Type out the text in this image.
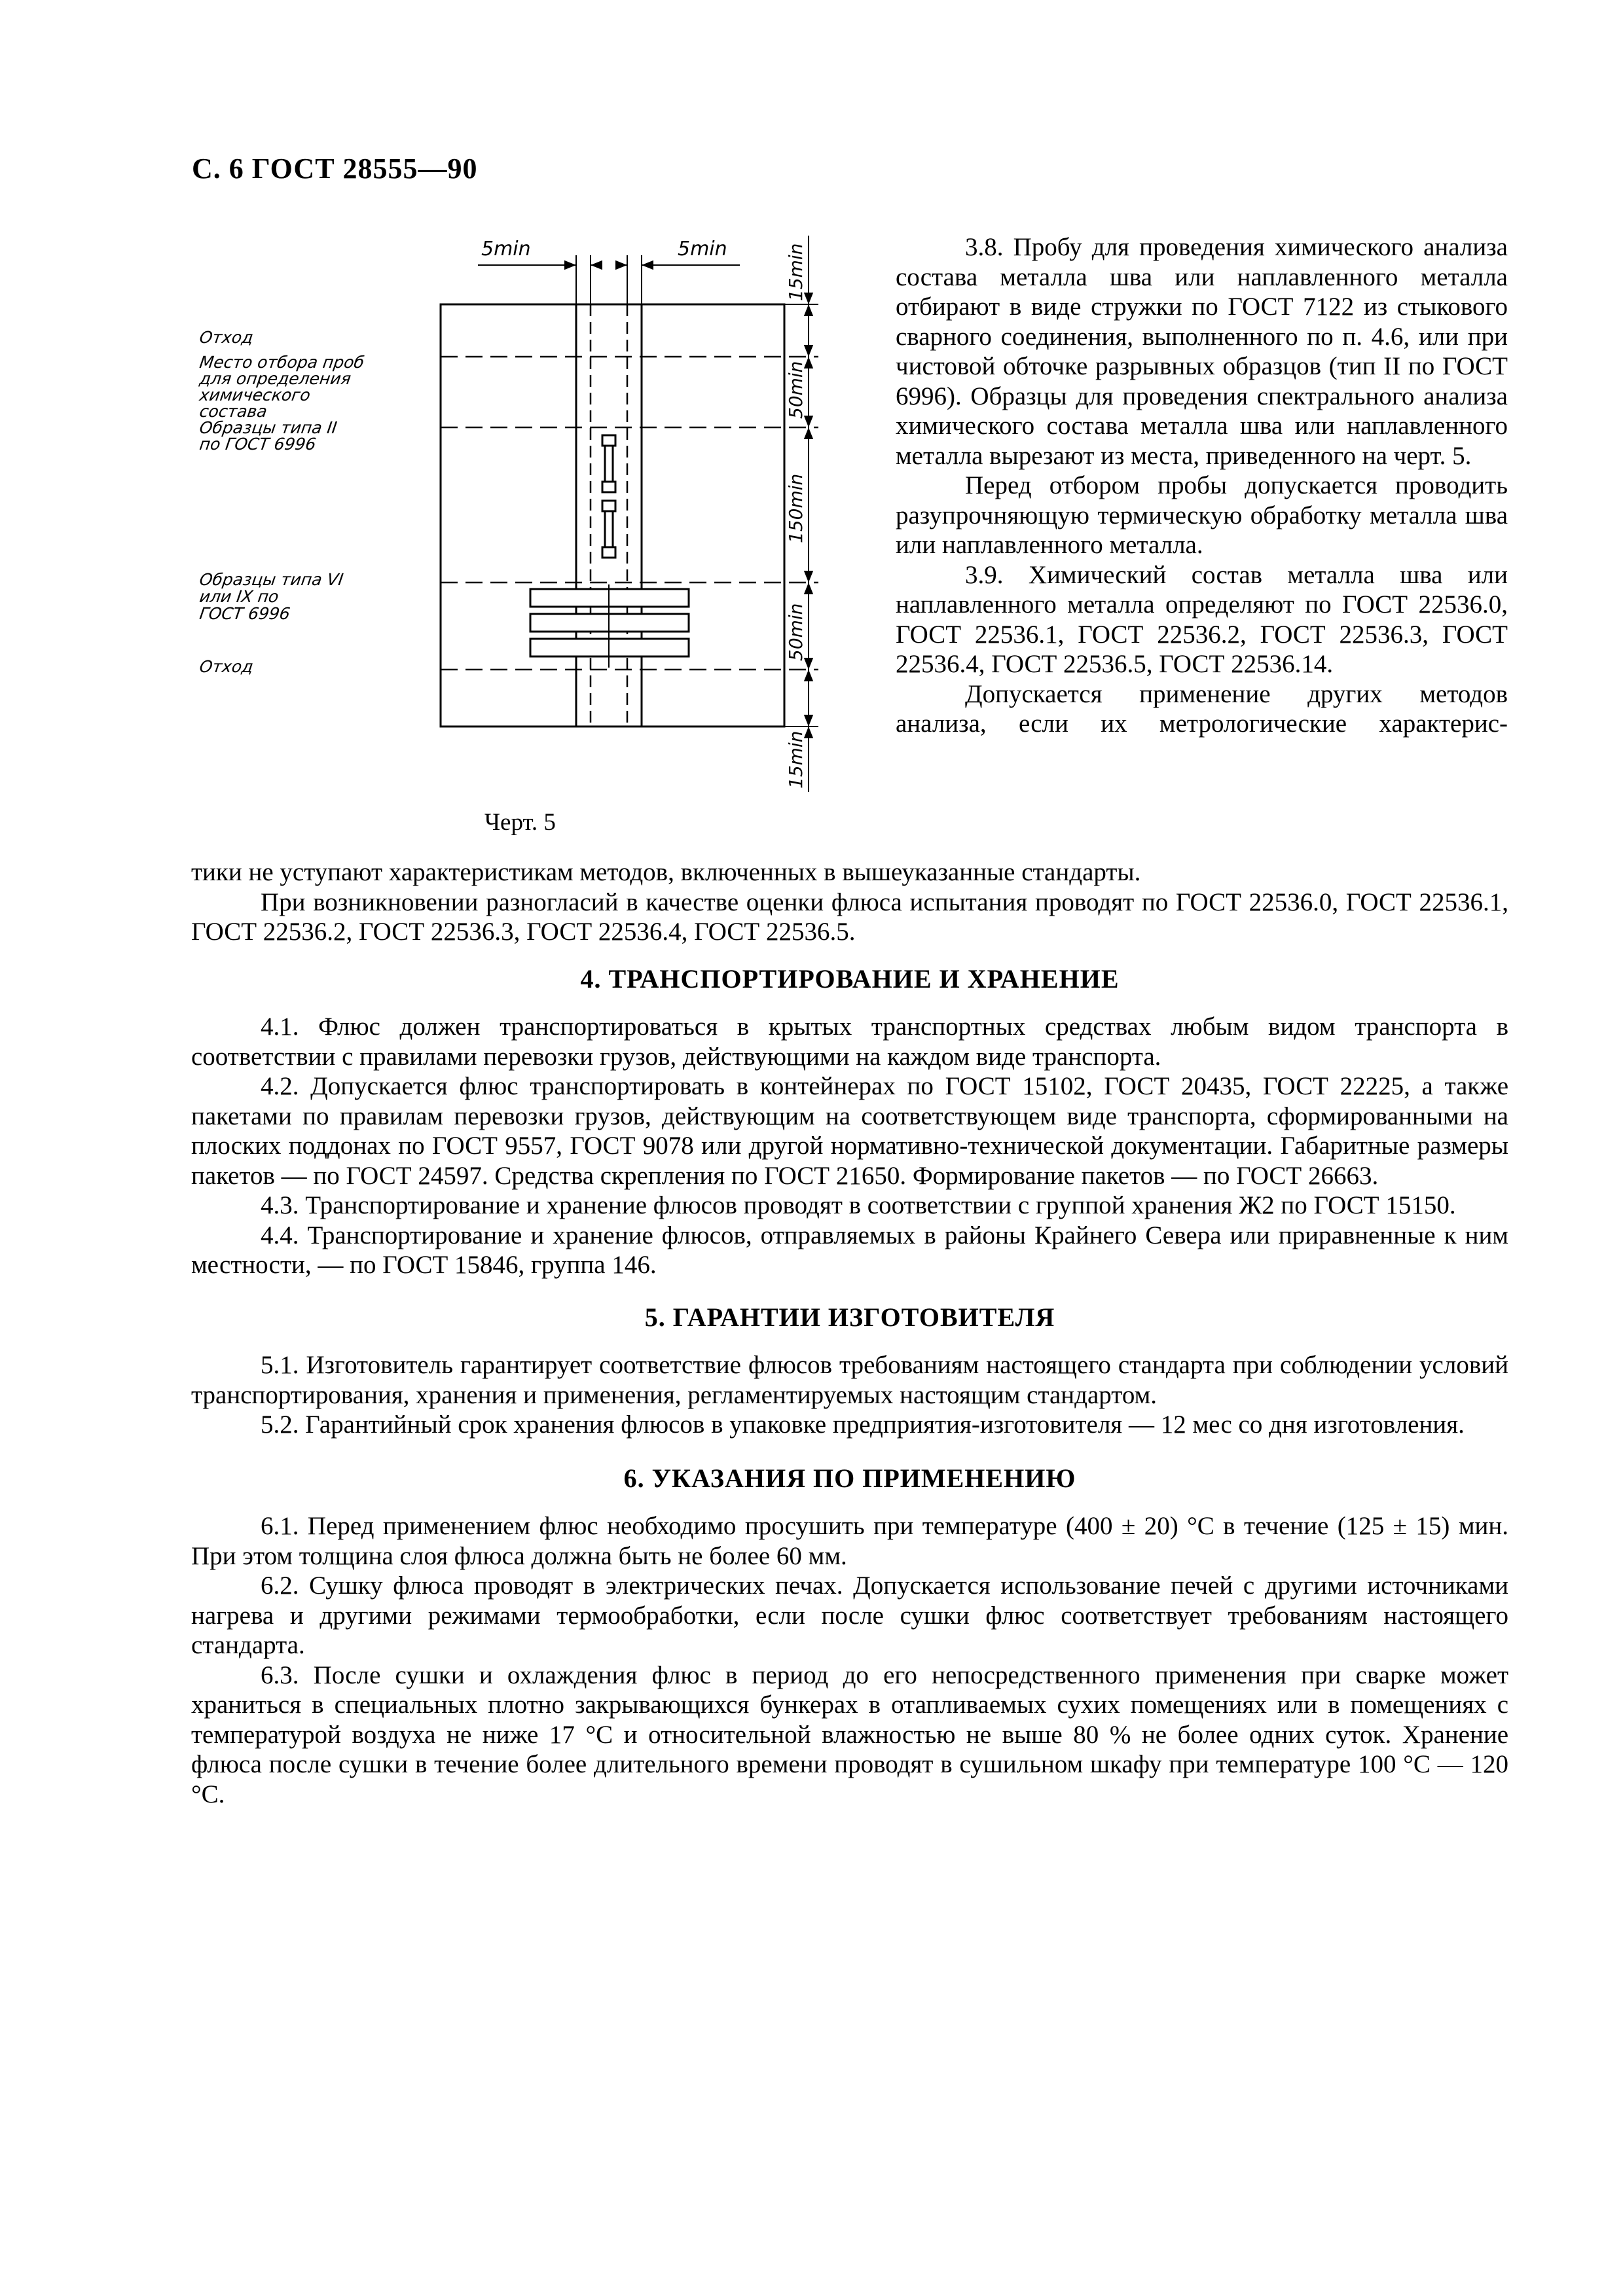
С. 6 ГОСТ 28555—90
5min	5min	15min
50min
150min
50min
15min
Отход
Место отбора проб
для определения
химического
состава
Образцы типа II
по ГОСТ 6996
Образцы типа VI
или IX по
ГОСТ 6996
Отход
Черт. 5

3.8. Пробу для проведения химического анализа состава металла шва или наплавленного металла отбирают в виде стружки по ГОСТ 7122 из стыкового сварного соединения, выполненного по п. 4.6, или при чистовой обточке разрывных образцов (тип II по ГОСТ 6996). Образцы для проведения спектрального анализа химического состава металла шва или наплавленного металла вырезают из места, приведенного на черт. 5.

Перед отбором пробы допускается проводить разупрочняющую термическую обработку металла шва или наплавленного металла.

3.9. Химический состав металла шва или наплавленного металла определяют по ГОСТ 22536.0, ГОСТ 22536.1, ГОСТ 22536.2, ГОСТ 22536.3, ГОСТ 22536.4, ГОСТ 22536.5, ГОСТ 22536.14.

Допускается применение других методов анализа, если их метрологические характерис-

тики не уступают характеристикам методов, включенных в вышеуказанные стандарты.

При возникновении разногласий в качестве оценки флюса испытания проводят по ГОСТ 22536.0, ГОСТ 22536.1, ГОСТ 22536.2, ГОСТ 22536.3, ГОСТ 22536.4, ГОСТ 22536.5.

4. ТРАНСПОРТИРОВАНИЕ И ХРАНЕНИЕ

4.1. Флюс должен транспортироваться в крытых транспортных средствах любым видом транспорта в соответствии с правилами перевозки грузов, действующими на каждом виде транспорта.

4.2. Допускается флюс транспортировать в контейнерах по ГОСТ 15102, ГОСТ 20435, ГОСТ 22225, а также пакетами по правилам перевозки грузов, действующим на соответствующем виде транспорта, сформированными на плоских поддонах по ГОСТ 9557, ГОСТ 9078 или другой нормативно-технической документации. Габаритные размеры пакетов — по ГОСТ 24597. Средства скрепления по ГОСТ 21650. Формирование пакетов — по ГОСТ 26663.

4.3. Транспортирование и хранение флюсов проводят в соответствии с группой хранения Ж2 по ГОСТ 15150.

4.4. Транспортирование и хранение флюсов, отправляемых в районы Крайнего Севера или приравненные к ним местности, — по ГОСТ 15846, группа 146.

5. ГАРАНТИИ ИЗГОТОВИТЕЛЯ

5.1. Изготовитель гарантирует соответствие флюсов требованиям настоящего стандарта при соблюдении условий транспортирования, хранения и применения, регламентируемых настоящим стандартом.

5.2. Гарантийный срок хранения флюсов в упаковке предприятия-изготовителя — 12 мес со дня изготовления.

6. УКАЗАНИЯ ПО ПРИМЕНЕНИЮ

6.1. Перед применением флюс необходимо просушить при температуре (400 ± 20) °С в течение (125 ± 15) мин. При этом толщина слоя флюса должна быть не более 60 мм.

6.2. Сушку флюса проводят в электрических печах. Допускается использование печей с другими источниками нагрева и другими режимами термообработки, если после сушки флюс соответствует требованиям настоящего стандарта.

6.3. После сушки и охлаждения флюс в период до его непосредственного применения при сварке может храниться в специальных плотно закрывающихся бункерах в отапливаемых сухих помещениях или в помещениях с температурой воздуха не ниже 17 °С и относительной влажностью не выше 80 % не более одних суток. Хранение флюса после сушки в течение более длительного времени проводят в сушильном шкафу при температуре 100 °С — 120 °С.
